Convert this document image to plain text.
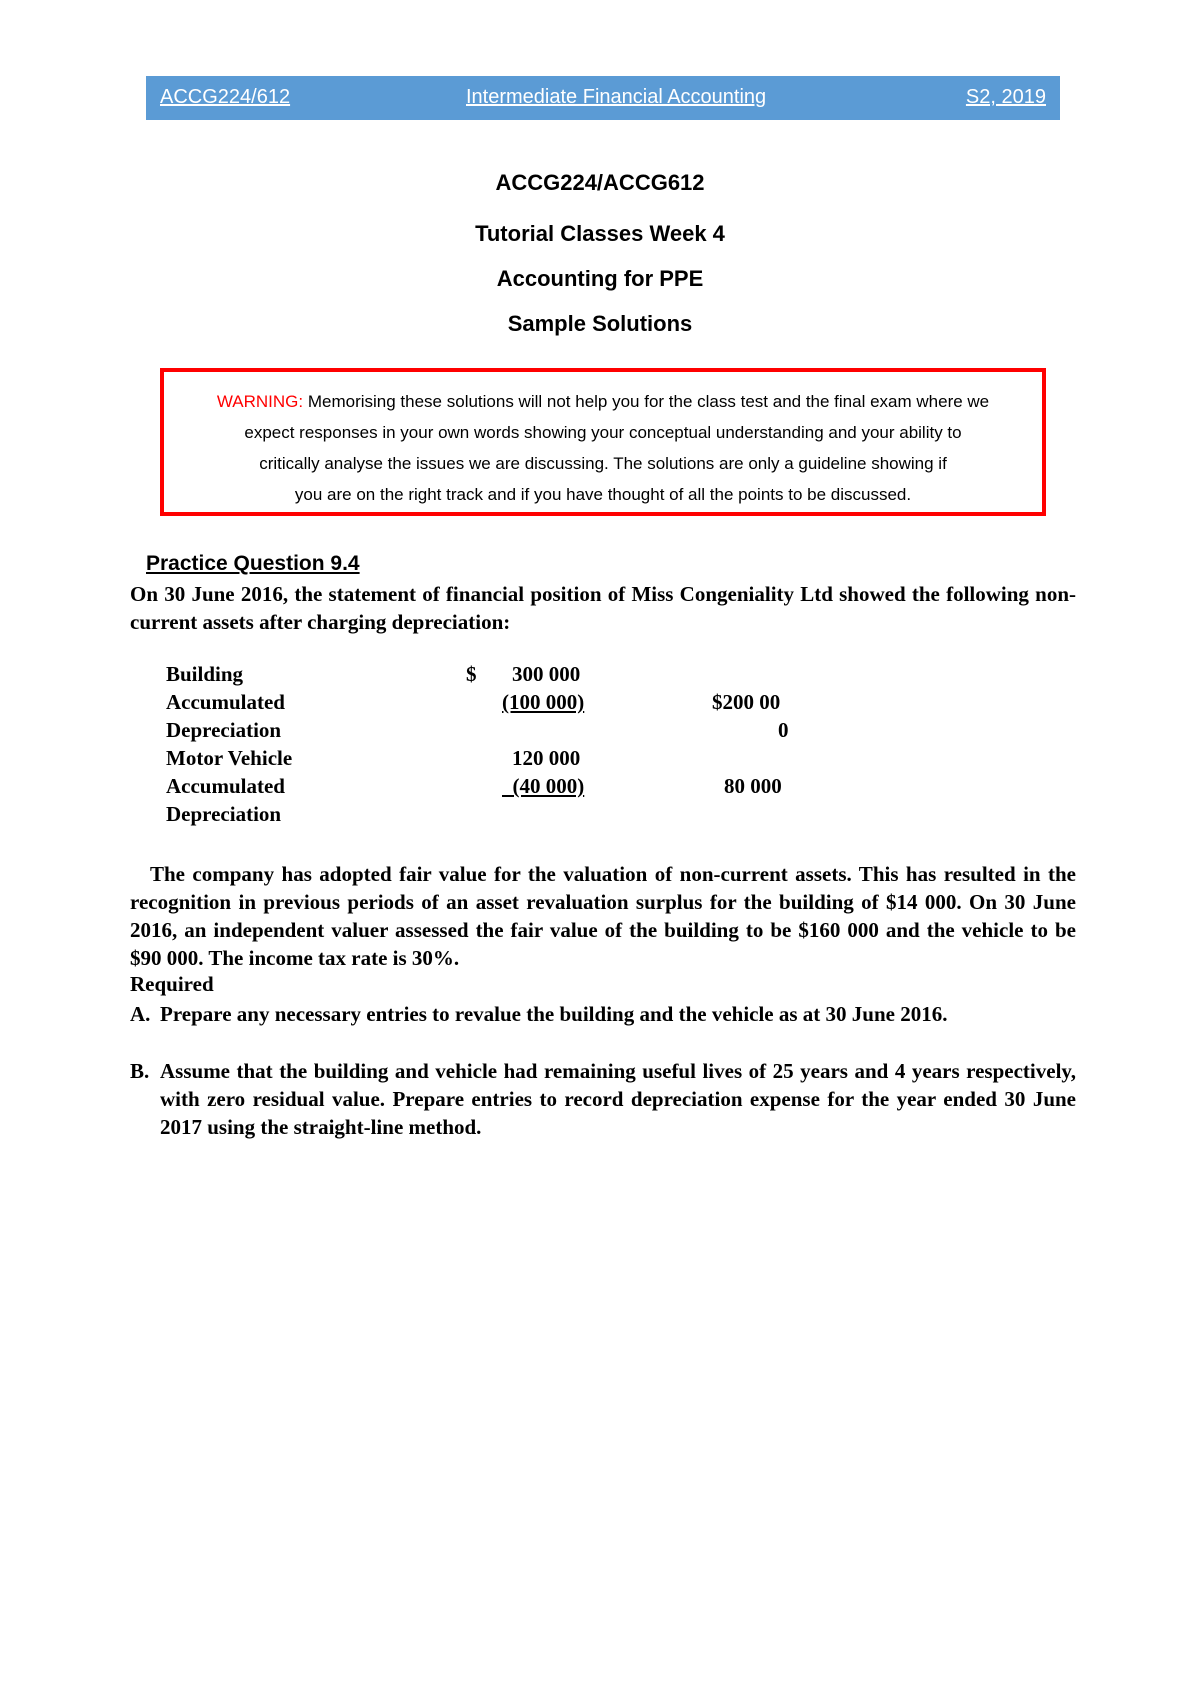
ACCG224/612	Intermediate Financial Accounting	S2, 2019
ACCG224/ACCG612
Tutorial Classes Week 4
Accounting for PPE
Sample Solutions
WARNING: Memorising these solutions will not help you for the class test and the final exam where we
expect responses in your own words showing your conceptual understanding and your ability to
critically analyse the issues we are discussing. The solutions are only a guideline showing if
you are on the right track and if you have thought of all the points to be discussed.
Practice Question 9.4
On 30 June 2016, the statement of financial position of Miss Congeniality Ltd showed the following non-current assets after charging depreciation:
Building	$ 300 000
Accumulated	(100 000)	$200 00
Depreciation	0
Motor Vehicle	120 000
Accumulated	(40 000)	80 000
Depreciation
The company has adopted fair value for the valuation of non-current assets. This has resulted in the recognition in previous periods of an asset revaluation surplus for the building of $14 000. On 30 June 2016, an independent valuer assessed the fair value of the building to be $160 000 and the vehicle to be $90 000. The income tax rate is 30%.
Required
A. Prepare any necessary entries to revalue the building and the vehicle as at 30 June 2016.
B. Assume that the building and vehicle had remaining useful lives of 25 years and 4 years respectively, with zero residual value. Prepare entries to record depreciation expense for the year ended 30 June 2017 using the straight-line method.
